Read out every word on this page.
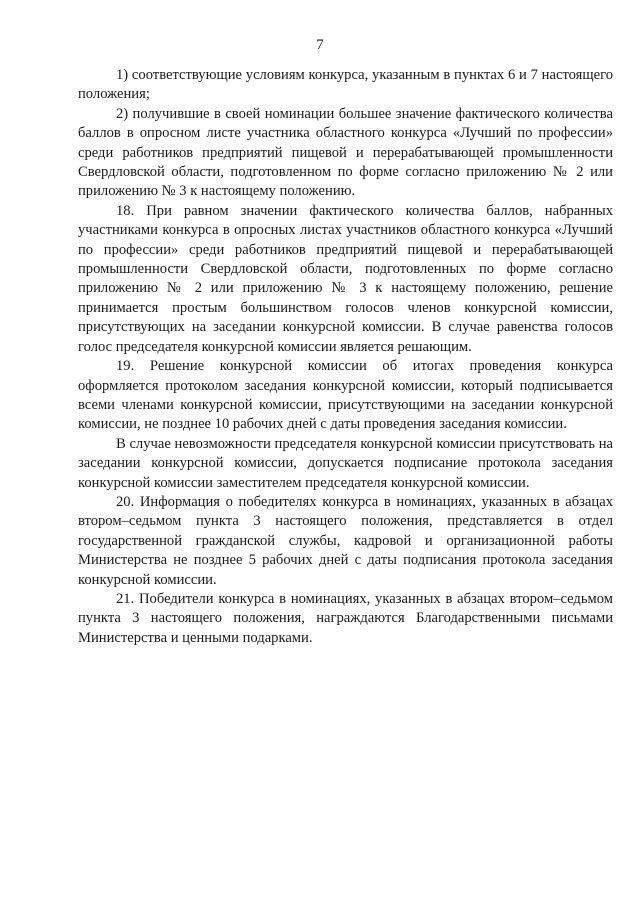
7

1) соответствующие условиям конкурса, указанным в пунктах 6 и 7 настоящего положения;

2) получившие в своей номинации большее значение фактического количества баллов в опросном листе участника областного конкурса «Лучший по профессии» среди работников предприятий пищевой и перерабатывающей промышленности Свердловской области, подготовленном по форме согласно приложению № 2 или приложению № 3 к настоящему положению.

18. При равном значении фактического количества баллов, набранных участниками конкурса в опросных листах участников областного конкурса «Лучший по профессии» среди работников предприятий пищевой и перерабатывающей промышленности Свердловской области, подготовленных по форме согласно приложению № 2 или приложению № 3 к настоящему положению, решение принимается простым большинством голосов членов конкурсной комиссии, присутствующих на заседании конкурсной комиссии. В случае равенства голосов голос председателя конкурсной комиссии является решающим.

19. Решение конкурсной комиссии об итогах проведения конкурса оформляется протоколом заседания конкурсной комиссии, который подписывается всеми членами конкурсной комиссии, присутствующими на заседании конкурсной комиссии, не позднее 10 рабочих дней с даты проведения заседания комиссии.

В случае невозможности председателя конкурсной комиссии присутствовать на заседании конкурсной комиссии, допускается подписание протокола заседания конкурсной комиссии заместителем председателя конкурсной комиссии.

20. Информация о победителях конкурса в номинациях, указанных в абзацах втором–седьмом пункта 3 настоящего положения, представляется в отдел государственной гражданской службы, кадровой и организационной работы Министерства не позднее 5 рабочих дней с даты подписания протокола заседания конкурсной комиссии.

21. Победители конкурса в номинациях, указанных в абзацах втором–седьмом пункта 3 настоящего положения, награждаются Благодарственными письмами Министерства и ценными подарками.
